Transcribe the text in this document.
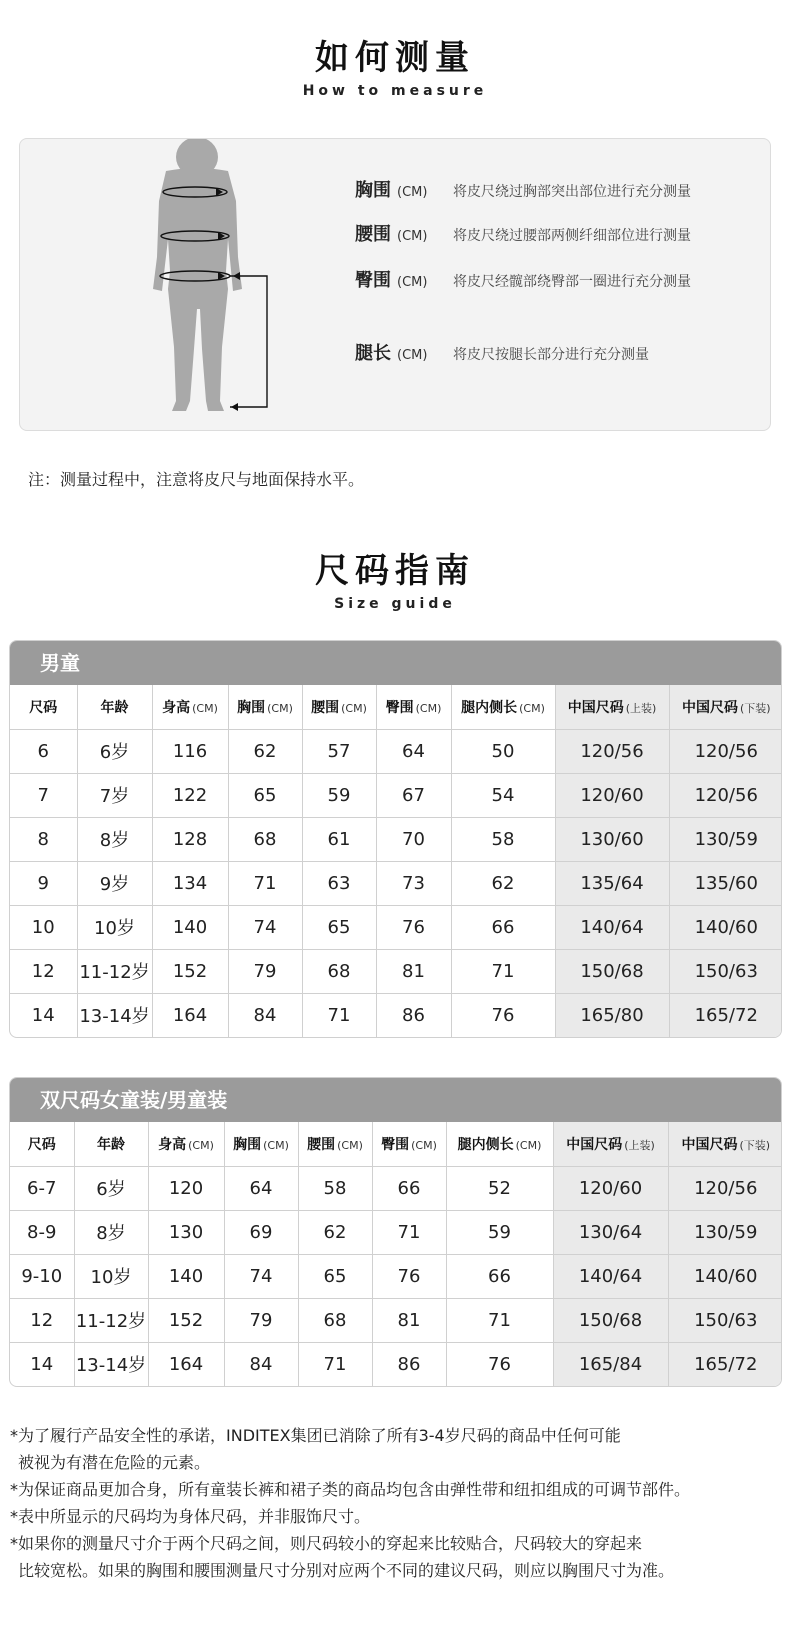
如何测量
How to measure
胸围 (CM)	将皮尺绕过胸部突出部位进行充分测量
腰围 (CM)	将皮尺绕过腰部两侧纤细部位进行测量
臀围 (CM)	将皮尺经髋部绕臀部一圈进行充分测量
腿长 (CM)	将皮尺按腿长部分进行充分测量
注：测量过程中，注意将皮尺与地面保持水平。
尺码指南
Size guide
男童
尺码	年龄	身高 (CM)	胸围 (CM)	腰围 (CM)	臀围 (CM)	腿内侧长 (CM)	中国尺码 (上装)	中国尺码 (下装)
6	6岁	116	62	57	64	50	120/56	120/56
7	7岁	122	65	59	67	54	120/60	120/56
8	8岁	128	68	61	70	58	130/60	130/59
9	9岁	134	71	63	73	62	135/64	135/60
10	10岁	140	74	65	76	66	140/64	140/60
12	11-12岁	152	79	68	81	71	150/68	150/63
14	13-14岁	164	84	71	86	76	165/80	165/72
双尺码女童装/男童装
尺码	年龄	身高 (CM)	胸围 (CM)	腰围 (CM)	臀围 (CM)	腿内侧长 (CM)	中国尺码 (上装)	中国尺码 (下装)
6-7	6岁	120	64	58	66	52	120/60	120/56
8-9	8岁	130	69	62	71	59	130/64	130/59
9-10	10岁	140	74	65	76	66	140/64	140/60
12	11-12岁	152	79	68	81	71	150/68	150/63
14	13-14岁	164	84	71	86	76	165/84	165/72

*为了履行产品安全性的承诺，INDITEX集团已消除了所有3-4岁尺码的商品中任何可能

被视为有潜在危险的元素。

*为保证商品更加合身，所有童装长裤和裙子类的商品均包含由弹性带和纽扣组成的可调节部件。

*表中所显示的尺码均为身体尺码，并非服饰尺寸。

*如果你的测量尺寸介于两个尺码之间，则尺码较小的穿起来比较贴合，尺码较大的穿起来

比较宽松。如果的胸围和腰围测量尺寸分别对应两个不同的建议尺码，则应以胸围尺寸为准。
